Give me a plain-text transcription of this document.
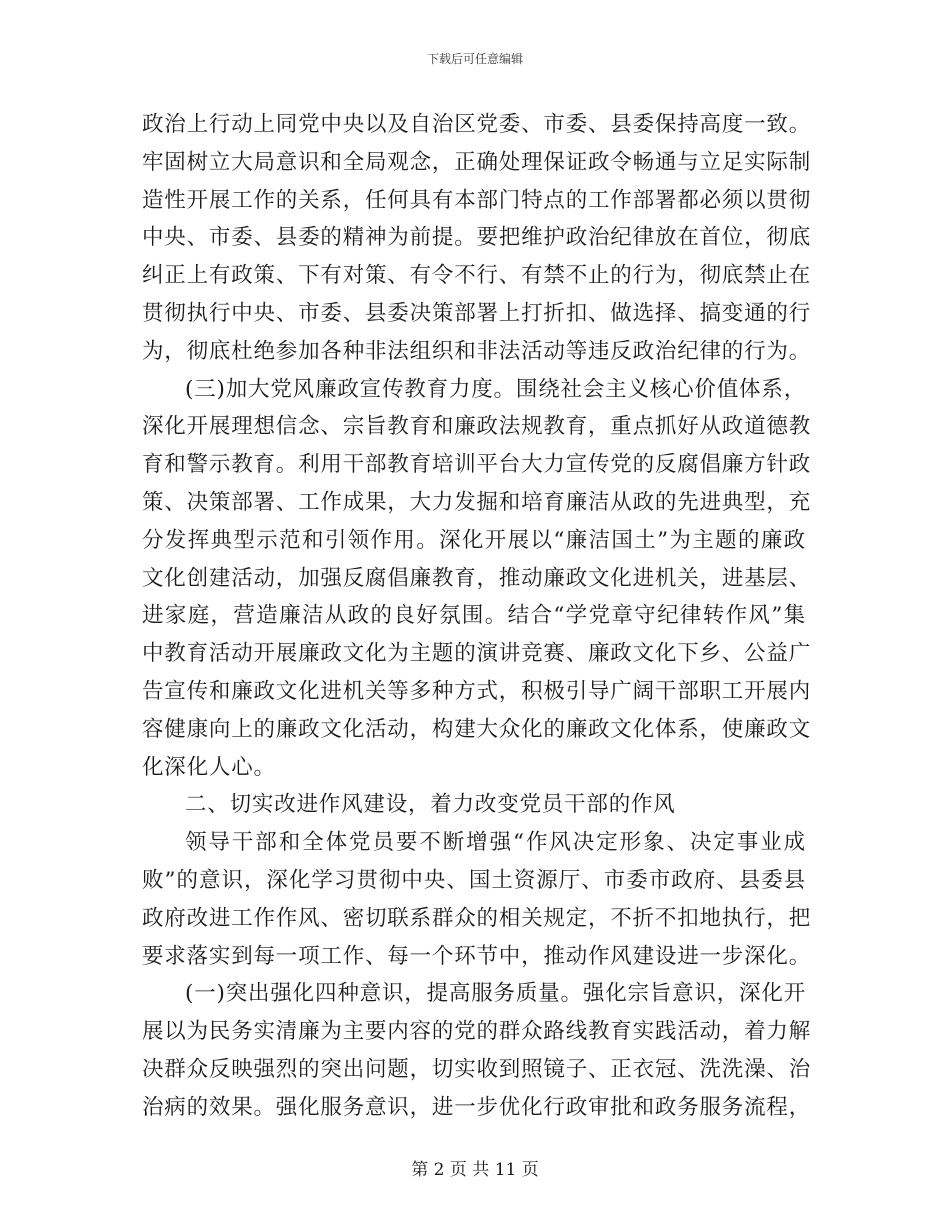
下载后可任意编辑
政治上行动上同党中央以及自治区党委、市委、县委保持高度一致。
牢固树立大局意识和全局观念，正确处理保证政令畅通与立足实际制
造性开展工作的关系，任何具有本部门特点的工作部署都必须以贯彻
中央、市委、县委的精神为前提。要把维护政治纪律放在首位，彻底
纠正上有政策、下有对策、有令不行、有禁不止的行为，彻底禁止在
贯彻执行中央、市委、县委决策部署上打折扣、做选择、搞变通的行
为，彻底杜绝参加各种非法组织和非法活动等违反政治纪律的行为。
(三)加大党风廉政宣传教育力度。围绕社会主义核心价值体系，
深化开展理想信念、宗旨教育和廉政法规教育，重点抓好从政道德教
育和警示教育。利用干部教育培训平台大力宣传党的反腐倡廉方针政
策、决策部署、工作成果，大力发掘和培育廉洁从政的先进典型，充
分发挥典型示范和引领作用。深化开展以“廉洁国土”为主题的廉政
文化创建活动，加强反腐倡廉教育，推动廉政文化进机关，进基层、
进家庭，营造廉洁从政的良好氛围。结合“学党章守纪律转作风”集
中教育活动开展廉政文化为主题的演讲竞赛、廉政文化下乡、公益广
告宣传和廉政文化进机关等多种方式，积极引导广阔干部职工开展内
容健康向上的廉政文化活动，构建大众化的廉政文化体系，使廉政文
化深化人心。
二、切实改进作风建设，着力改变党员干部的作风
领导干部和全体党员要不断增强“作风决定形象、决定事业成
败”的意识，深化学习贯彻中央、国土资源厅、市委市政府、县委县
政府改进工作作风、密切联系群众的相关规定，不折不扣地执行，把
要求落实到每一项工作、每一个环节中，推动作风建设进一步深化。
(一)突出强化四种意识，提高服务质量。强化宗旨意识，深化开
展以为民务实清廉为主要内容的党的群众路线教育实践活动，着力解
决群众反映强烈的突出问题，切实收到照镜子、正衣冠、洗洗澡、治
治病的效果。强化服务意识，进一步优化行政审批和政务服务流程，
第 2 页 共 11 页
